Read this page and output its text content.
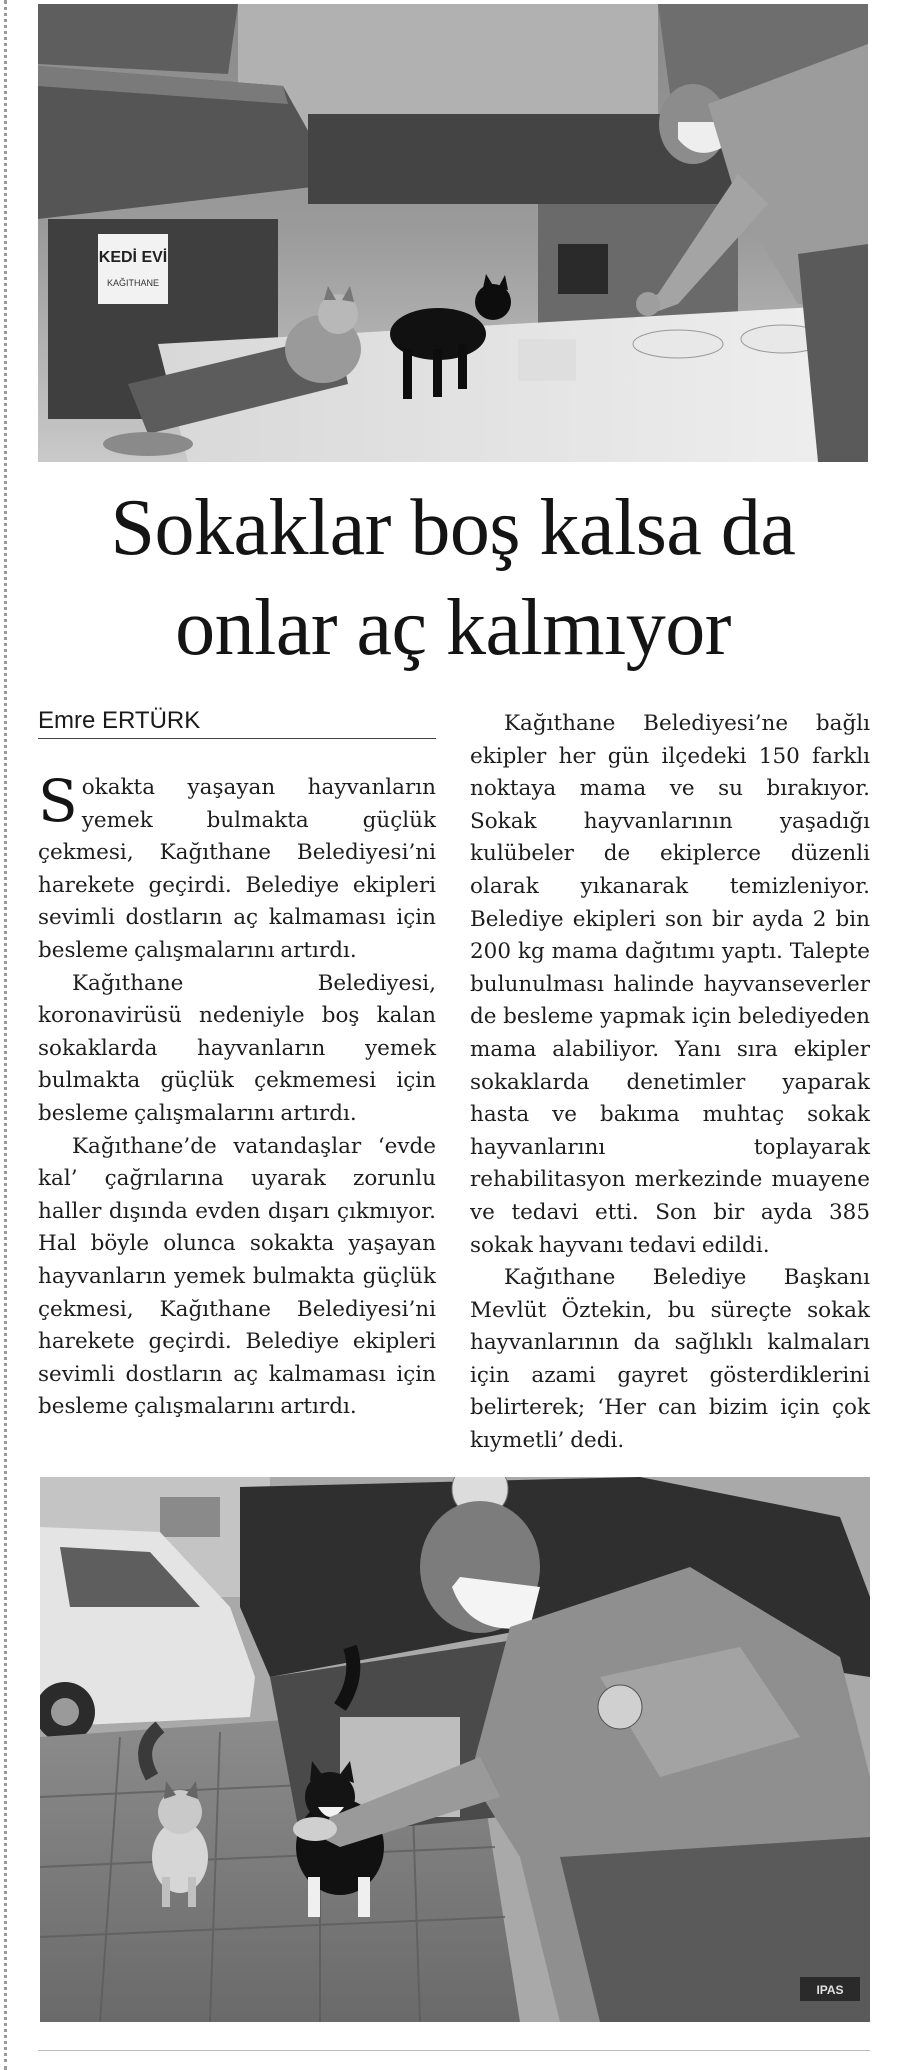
KEDİ EVİ
KAĞITHANE
Sokaklar boş kalsa da
onlar aç kalmıyor
Emre ERTÜRK

Sokakta yaşayan hayvanların yemek bulmakta güçlük çekmesi, Kağıthane Belediyesi’ni harekete geçirdi. Belediye ekipleri sevimli dostların aç kalmaması için besleme çalışmalarını artırdı.

Kağıthane Belediyesi, koronavirüsü nedeniyle boş kalan sokaklarda hayvanların yemek bulmakta güçlük çekmemesi için besleme çalışmalarını artırdı.

Kağıthane’de vatandaşlar ‘evde kal’ çağrılarına uyarak zorunlu haller dışında evden dışarı çıkmıyor. Hal böyle olunca sokakta yaşayan hayvanların yemek bulmakta güçlük çekmesi, Kağıthane Belediyesi’ni harekete geçirdi. Belediye ekipleri sevimli dostların aç kalmaması için besleme çalışmalarını artırdı.

Kağıthane Belediyesi’ne bağlı ekipler her gün ilçedeki 150 farklı noktaya mama ve su bırakıyor. Sokak hayvanlarının yaşadığı kulübeler de ekiplerce düzenli olarak yıkanarak temizleniyor. Belediye ekipleri son bir ayda 2 bin 200 kg mama dağıtımı yaptı. Talepte bulunulması halinde hayvanseverler de besleme yapmak için belediyeden mama alabiliyor. Yanı sıra ekipler sokaklarda denetimler yaparak hasta ve bakıma muhtaç sokak hayvanlarını toplayarak rehabilitasyon merkezinde muayene ve tedavi etti. Son bir ayda 385 sokak hayvanı tedavi edildi.

Kağıthane Belediye Başkanı Mevlüt Öztekin, bu süreçte sokak hayvanlarının da sağlıklı kalmaları için azami gayret gösterdiklerini belirterek; ‘Her can bizim için çok kıymetli’ dedi.

IPAS
